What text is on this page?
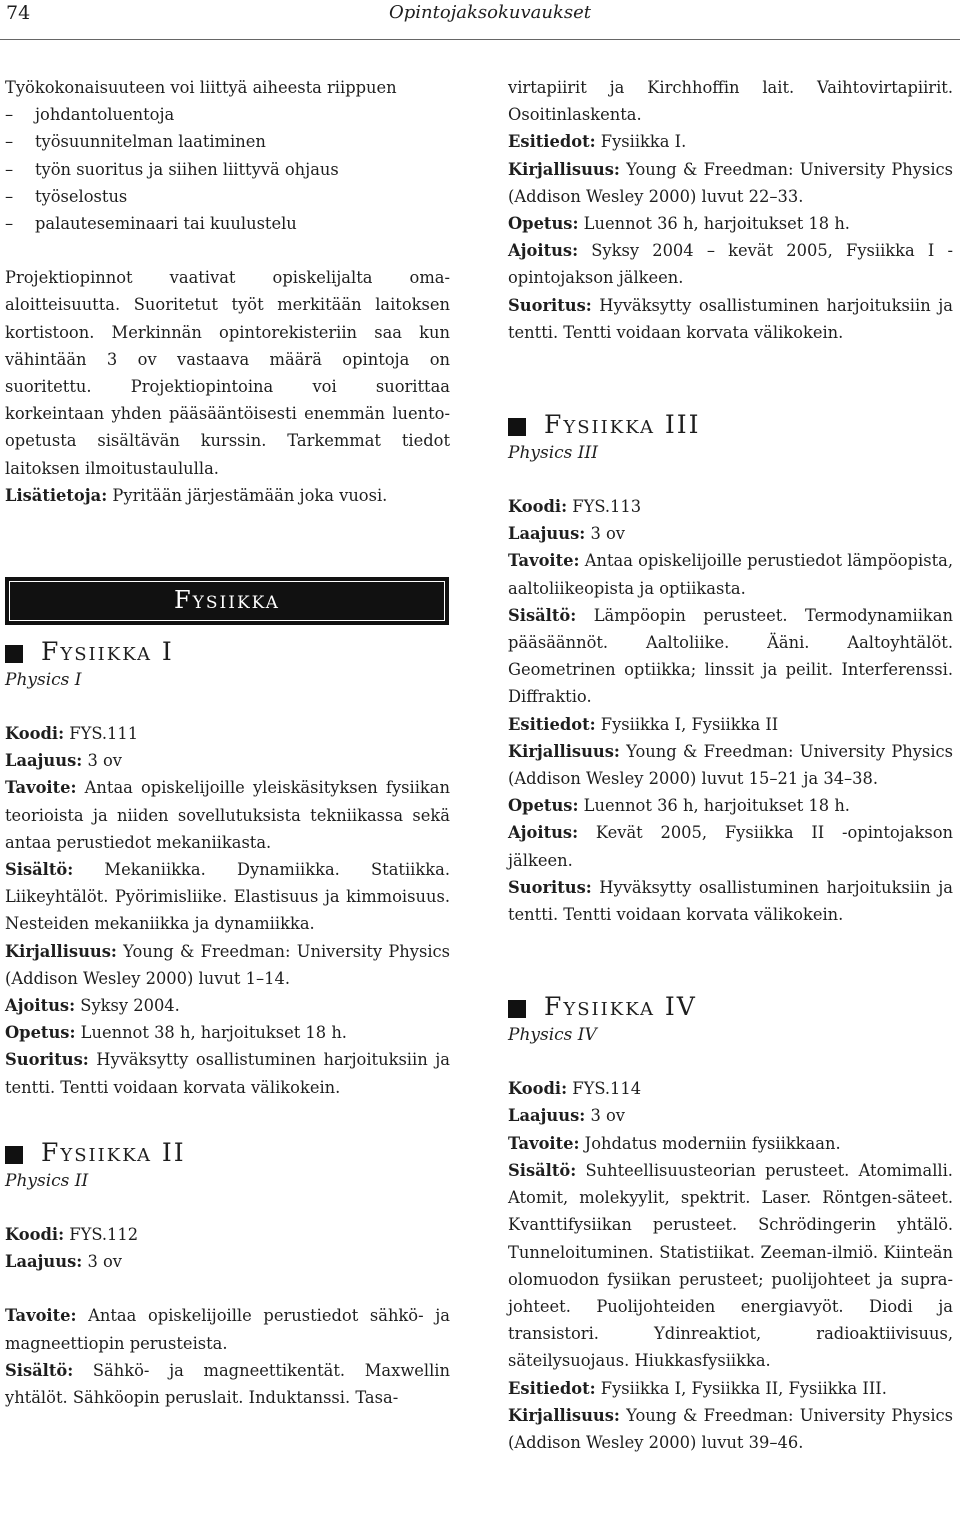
74	Opintojaksokuvaukset

Työkokonaisuuteen voi liittyä aiheesta riippuen

– johdantoluentoja
– työsuunnitelman laatiminen
– työn suoritus ja siihen liittyvä ohjaus
– työselostus
– palauteseminaari tai kuulustelu

Projektiopinnot vaativat opiskelijalta omaaloitteisuutta. Suoritetut työt merkitään laitoksen kortistoon. Merkinnän opintorekisteriin saa kun vähintään 3 ov vastaava määrä opintoja on suoritettu. Projektiopintoina voi suorittaa korkeintaan yhden pääsääntöisesti enemmän luento-opetusta sisältävän kurssin. Tarkemmat tiedot laitoksen ilmoitustaululla.

Lisätietoja: Pyritään järjestämään joka vuosi.

Fysiikka
Fysiikka I
Physics I

Koodi: FYS.111

Laajuus: 3 ov

Tavoite: Antaa opiskelijoille yleiskäsityksen fysiikan teorioista ja niiden sovellutuksista tekniikassa sekä antaa perustiedot mekaniikasta.

Sisältö: Mekaniikka. Dynamiikka. Statiikka. Liikeyhtälöt. Pyörimisliike. Elastisuus ja kimmoisuus. Nesteiden mekaniikka ja dynamiikka.

Kirjallisuus: Young & Freedman: University Physics (Addison Wesley 2000) luvut 1–14.

Ajoitus: Syksy 2004.

Opetus: Luennot 38 h, harjoitukset 18 h.

Suoritus: Hyväksytty osallistuminen harjoituksiin ja tentti. Tentti voidaan korvata välikokein.

Fysiikka II
Physics II

Koodi: FYS.112

Laajuus: 3 ov

Tavoite: Antaa opiskelijoille perustiedot sähkö- ja magneettiopin perusteista.

Sisältö: Sähkö- ja magneettikentät. Maxwellin yhtälöt. Sähköopin peruslait. Induktanssi. Tasa-

virtapiirit ja Kirchhoffin lait. Vaihtovirtapiirit. Osoitinlaskenta.

Esitiedot: Fysiikka I.

Kirjallisuus: Young & Freedman: University Physics (Addison Wesley 2000) luvut 22–33.

Opetus: Luennot 36 h, harjoitukset 18 h.

Ajoitus: Syksy 2004 – kevät 2005, Fysiikka I -opintojakson jälkeen.

Suoritus: Hyväksytty osallistuminen harjoituksiin ja tentti. Tentti voidaan korvata välikokein.

Fysiikka III
Physics III

Koodi: FYS.113

Laajuus: 3 ov

Tavoite: Antaa opiskelijoille perustiedot lämpöopista, aaltoliikeopista ja optiikasta.

Sisältö: Lämpöopin perusteet. Termodynamiikan pääsäännöt. Aaltoliike. Ääni. Aaltoyhtälöt. Geometrinen optiikka; linssit ja peilit. Interferenssi. Diffraktio.

Esitiedot: Fysiikka I, Fysiikka II

Kirjallisuus: Young & Freedman: University Physics (Addison Wesley 2000) luvut 15–21 ja 34–38.

Opetus: Luennot 36 h, harjoitukset 18 h.

Ajoitus: Kevät 2005, Fysiikka II -opintojakson jälkeen.

Suoritus: Hyväksytty osallistuminen harjoituksiin ja tentti. Tentti voidaan korvata välikokein.

Fysiikka IV
Physics IV

Koodi: FYS.114

Laajuus: 3 ov

Tavoite: Johdatus moderniin fysiikkaan.

Sisältö: Suhteellisuusteorian perusteet. Atomimalli. Atomit, molekyylit, spektrit. Laser. Röntgen-säteet. Kvanttifysiikan perusteet. Schrödingerin yhtälö. Tunneloituminen. Statistiikat. Zeeman-ilmiö. Kiinteän olomuodon fysiikan perusteet; puolijohteet ja suprajohteet. Puolijohteiden energiavyöt. Diodi ja transistori. Ydinreaktiot, radioaktiivisuus, säteilysuojaus. Hiukkasfysiikka.

Esitiedot: Fysiikka I, Fysiikka II, Fysiikka III.

Kirjallisuus: Young & Freedman: University Physics (Addison Wesley 2000) luvut 39–46.
